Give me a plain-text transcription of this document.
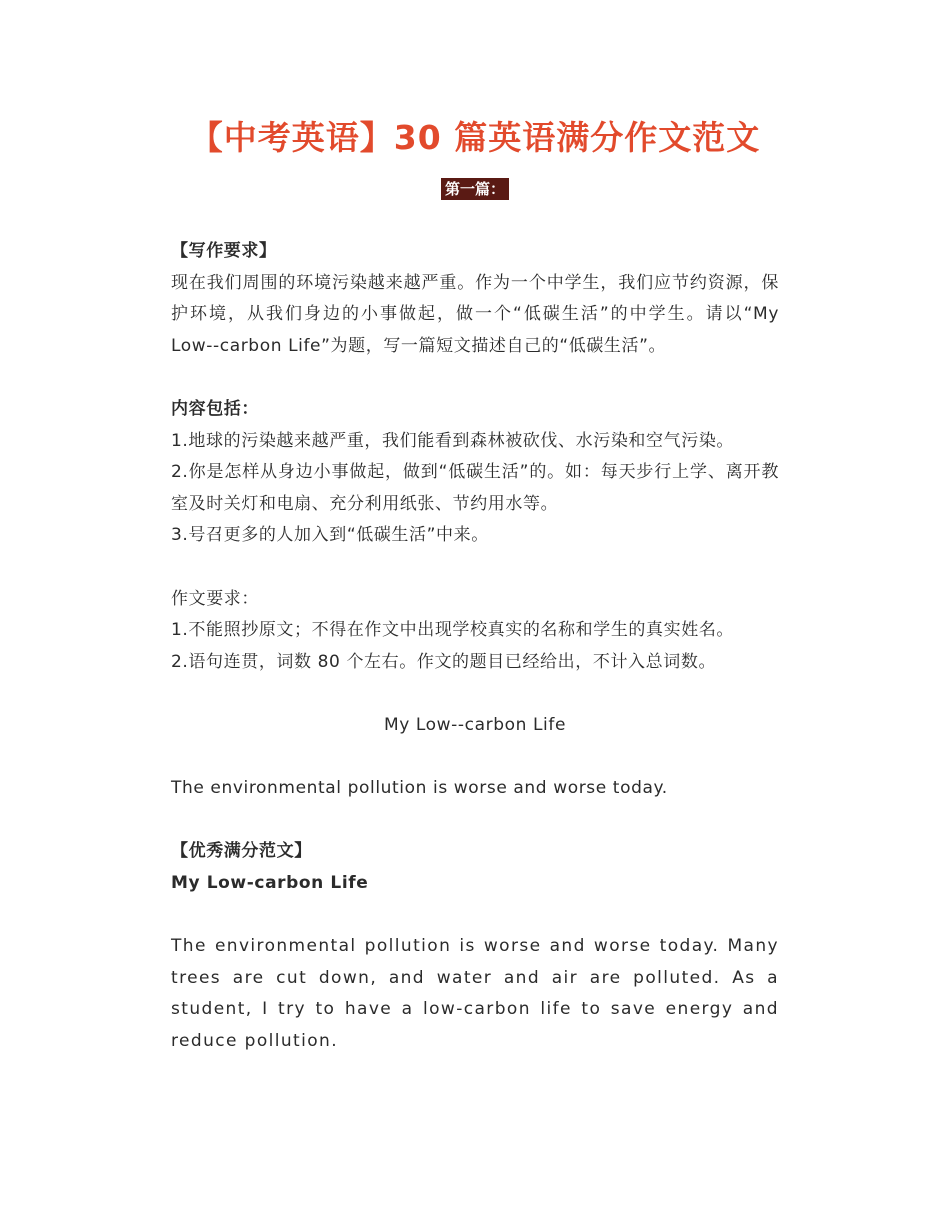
【中考英语】30 篇英语满分作文范文
第一篇：

【写作要求】

现在我们周围的环境污染越来越严重。作为一个中学生，我们应节约资源，保护环境，从我们身边的小事做起，做一个“低碳生活”的中学生。请以“My Low--carbon Life”为题，写一篇短文描述自己的“低碳生活”。

内容包括：

1.地球的污染越来越严重，我们能看到森林被砍伐、水污染和空气污染。

2.你是怎样从身边小事做起，做到“低碳生活”的。如：每天步行上学、离开教室及时关灯和电扇、充分利用纸张、节约用水等。

3.号召更多的人加入到“低碳生活”中来。

作文要求：

1.不能照抄原文；不得在作文中出现学校真实的名称和学生的真实姓名。

2.语句连贯，词数 80 个左右。作文的题目已经给出，不计入总词数。

My Low--carbon Life

The environmental pollution is worse and worse today.

【优秀满分范文】

My Low-carbon Life

The environmental pollution is worse and worse today. Many trees are cut down, and water and air are polluted. As a student, I try to have a low-carbon life to save energy and reduce pollution.
